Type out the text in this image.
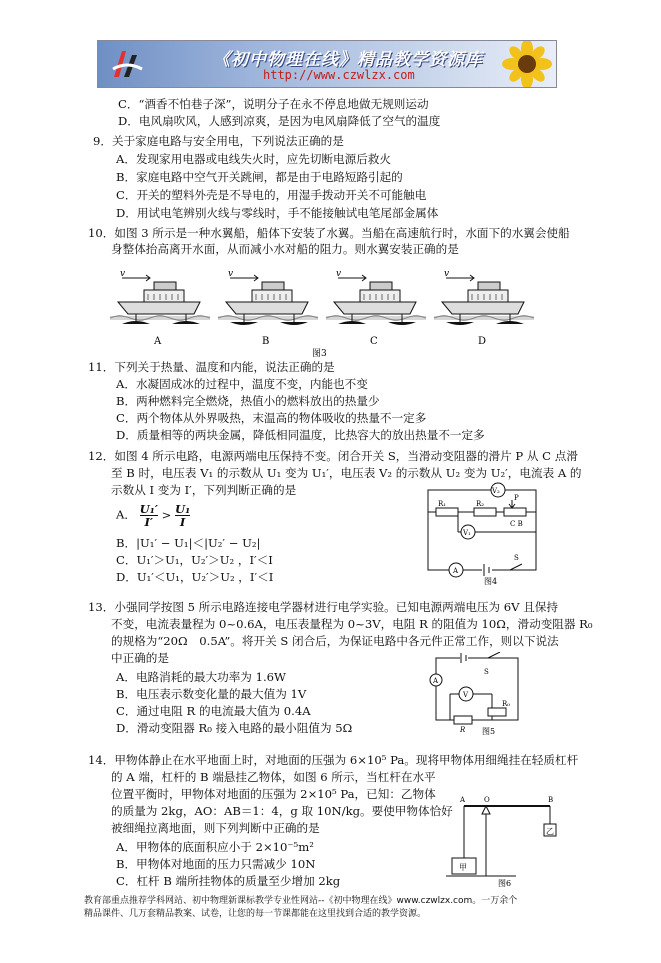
《初中物理在线》精品教学资源库
http://www.czwlzx.com
C．“酒香不怕巷子深”，说明分子在永不停息地做无规则运动
D．电风扇吹风，人感到凉爽，是因为电风扇降低了空气的温度
9．关于家庭电路与安全用电，下列说法正确的是
A．发现家用电器或电线失火时，应先切断电源后救火
B．家庭电路中空气开关跳闸，都是由于电路短路引起的
C．开关的塑料外壳是不导电的，用湿手拨动开关不可能触电
D．用试电笔辨别火线与零线时，手不能接触试电笔尾部金属体
10．如图 3 所示是一种水翼船，船体下安装了水翼。当船在高速航行时，水面下的水翼会使船
身整体抬高离开水面，从而减小水对船的阻力。则水翼安装正确的是
11．下列关于热量、温度和内能，说法正确的是
A．水凝固成冰的过程中，温度不变，内能也不变
B．两种燃料完全燃烧，热值小的燃料放出的热量少
C．两个物体从外界吸热，末温高的物体吸收的热量不一定多
D．质量相等的两块金属，降低相同温度，比热容大的放出热量不一定多
12．如图 4 所示电路，电源两端电压保持不变。闭合开关 S，当滑动变阻器的滑片 P 从 C 点滑
至 B 时，电压表 V₁ 的示数从 U₁ 变为 U₁′，电压表 V₂ 的示数从 U₂ 变为 U₂′，电流表 A 的
示数从 I 变为 I′，下列判断正确的是
B．|U₁′ − U₁|＜|U₂′ − U₂|
C．U₁′＞U₁，U₂′＞U₂ ，I′＜I
D．U₁′＜U₁，U₂′＞U₂ ，I′＜I
13．小强同学按图 5 所示电路连接电学器材进行电学实验。已知电源两端电压为 6V 且保持
不变，电流表量程为 0~0.6A，电压表量程为 0~3V，电阻 R 的阻值为 10Ω，滑动变阻器 R₀
的规格为“20Ω　0.5A”。将开关 S 闭合后，为保证电路中各元件正常工作，则以下说法
中正确的是
A．电路消耗的最大功率为 1.6W
B．电压表示数变化量的最大值为 1V
C．通过电阻 R 的电流最大值为 0.4A
D．滑动变阻器 R₀ 接入电路的最小阻值为 5Ω
14．甲物体静止在水平地面上时，对地面的压强为 6×10⁵ Pa。现将甲物体用细绳挂在轻质杠杆
的 A 端，杠杆的 B 端悬挂乙物体，如图 6 所示，当杠杆在水平
位置平衡时，甲物体对地面的压强为 2×10⁵ Pa，已知：乙物体
的质量为 2kg，AO：AB＝1：4，g 取 10N/kg。要使甲物体恰好
被细绳拉离地面，则下列判断中正确的是
A．甲物体的底面积应小于 2×10⁻⁵m²
B．甲物体对地面的压力只需减少 10N
C．杠杆 B 端所挂物体的质量至少增加 2kg
A． $\frac{\text{U₁′}}{I'} > \frac{\text{U₁}}{I}$
v	v	v	v
A	B	C	D
图3
V₂
R₁	R₂
P
C B
V₁
A
S
图4
A
V
S
R
R₀
图5
A	O	B
甲
乙
图6
教育部重点推荐学科网站、初中物理新课标教学专业性网站--《初中物理在线》www.czwlzx.com。一万余个
精品课件、几万套精品教案、试卷，让您的每一节课都能在这里找到合适的教学资源。
